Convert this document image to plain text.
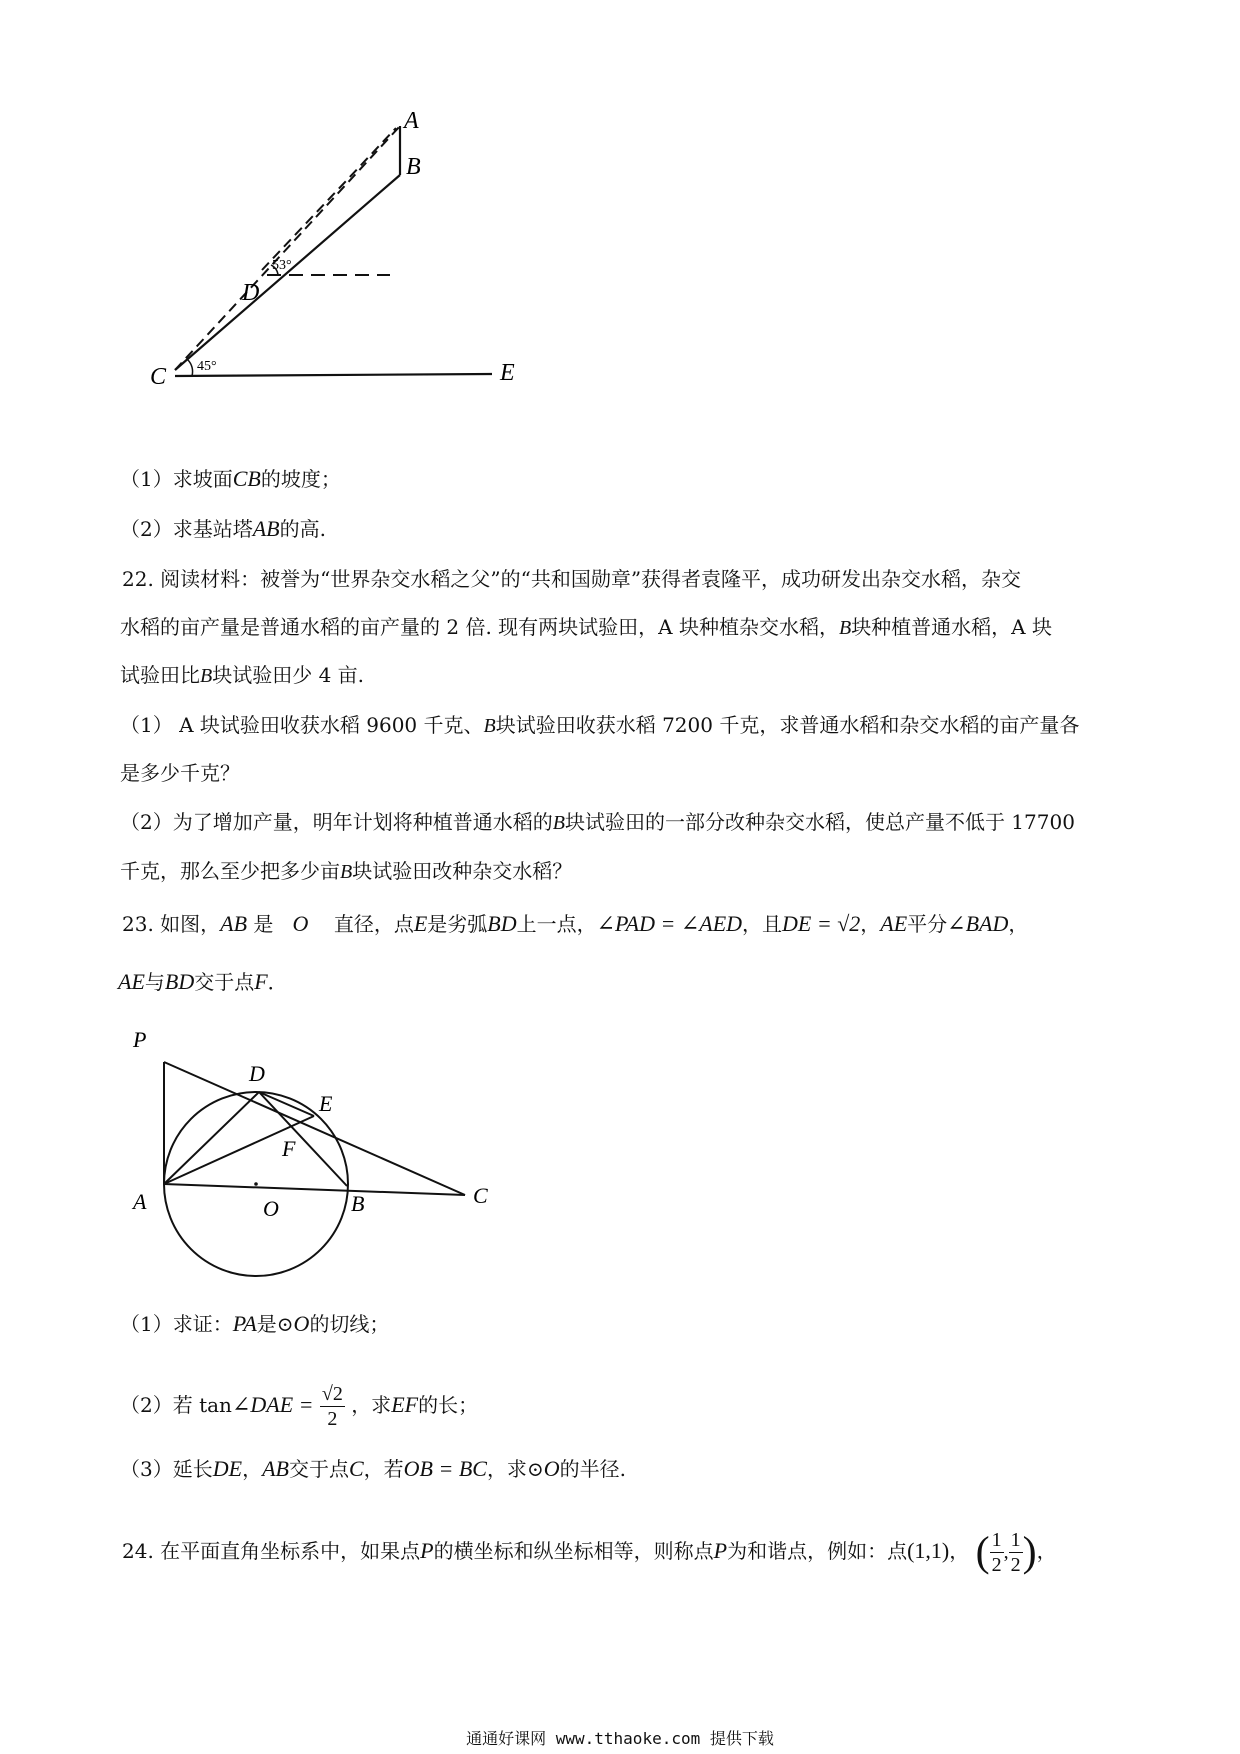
A
B
C
D
E
45°
53°
（1）求坡面CB的坡度；
（2）求基站塔AB的高.
22. 阅读材料：被誉为“世界杂交水稻之父”的“共和国勋章”获得者袁隆平，成功研发出杂交水稻，杂交
水稻的亩产量是普通水稻的亩产量的 2 倍. 现有两块试验田，A 块种植杂交水稻，B块种植普通水稻，A 块
试验田比B块试验田少 4 亩.
（1） A 块试验田收获水稻 9600 千克、B块试验田收获水稻 7200 千克，求普通水稻和杂交水稻的亩产量各
是多少千克？
（2）为了增加产量，明年计划将种植普通水稻的B块试验田的一部分改种杂交水稻，使总产量不低于 17700
千克，那么至少把多少亩B块试验田改种杂交水稻？
23. 如图，AB 是 O 直径，点E是劣弧BD上一点，∠PAD = ∠AED，且DE = √2，AE平分∠BAD，
AE与BD交于点F．
P
D
E
F
A	O	B	C
（1）求证：PA是⊙O的切线；
（2）若 tan∠DAE = $\frac{√2}{2}$ ，求EF的长；
（3）延长DE，AB交于点C，若OB = BC，求⊙O的半径.
24. 在平面直角坐标系中，如果点P的横坐标和纵坐标相等，则称点P为和谐点，例如：点(1,1)， ( $\frac{1}{2}$ , $\frac{1}{2}$ )，
通通好课网 www.tthaoke.com 提供下载
